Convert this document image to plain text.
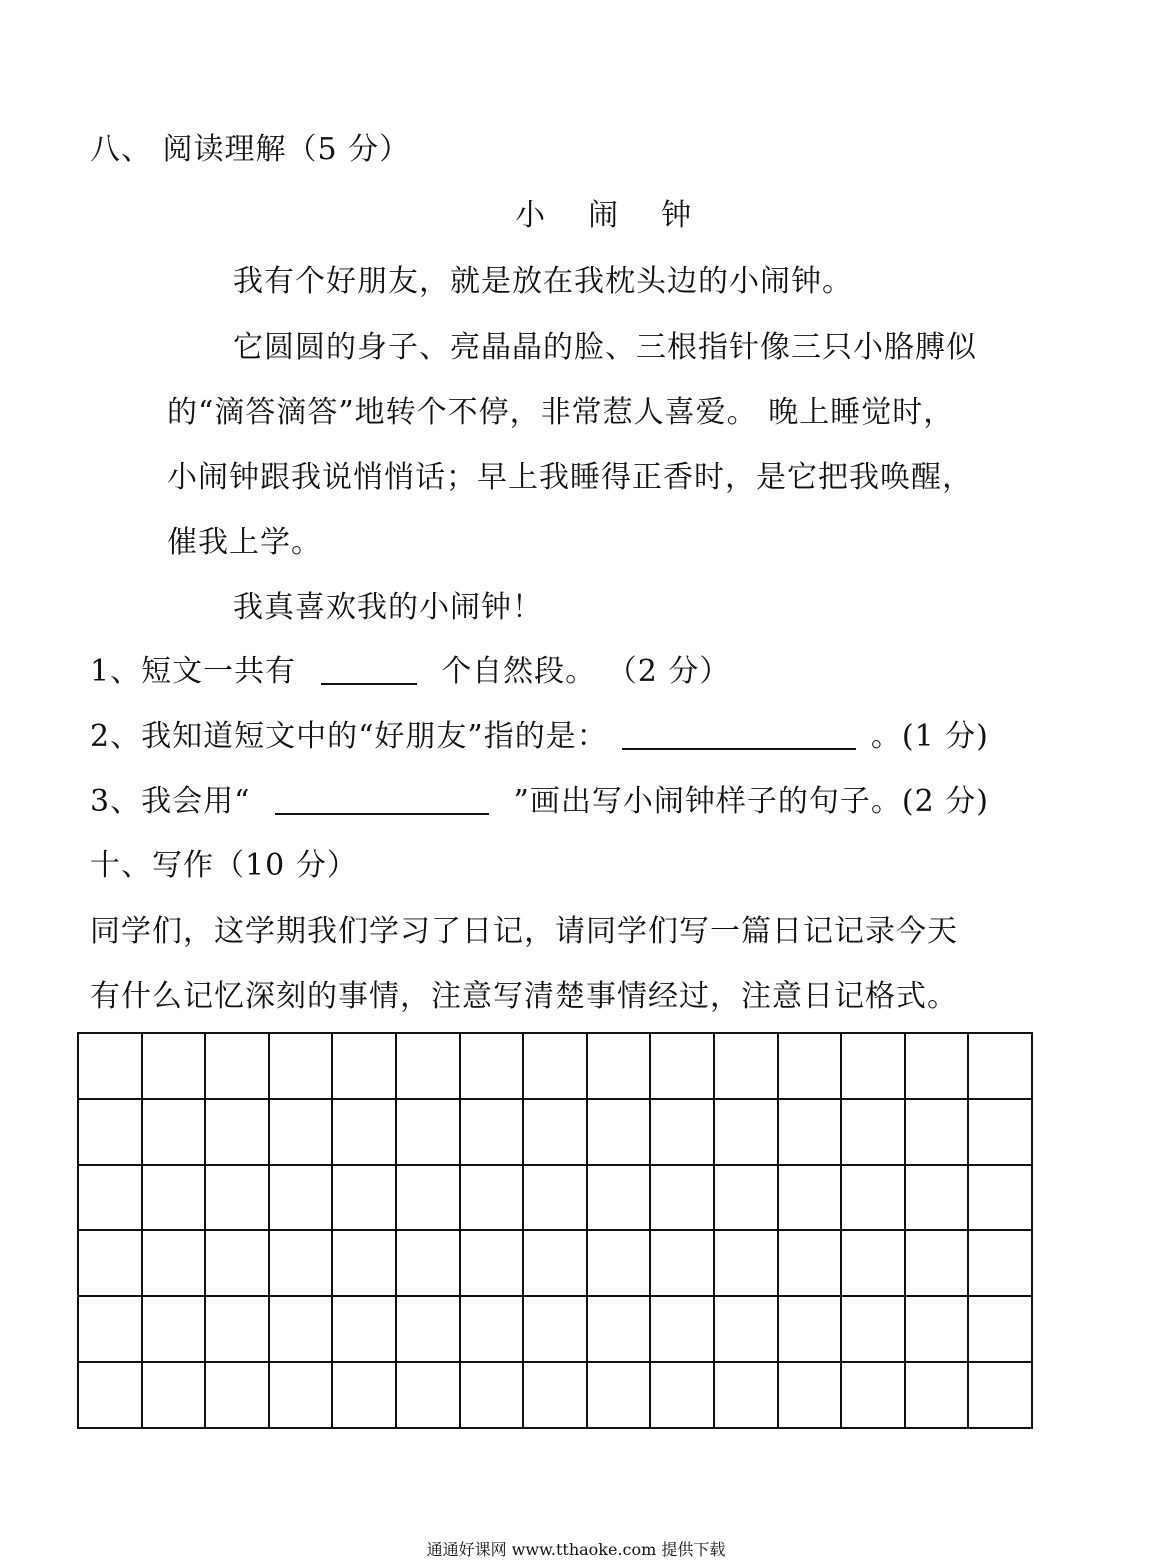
八、 阅读理解（5 分）
小  闹  钟
我有个好朋友，就是放在我枕头边的小闹钟。
它圆圆的身子、亮晶晶的脸、三根指针像三只小胳膊似
的“滴答滴答”地转个不停，非常惹人喜爱。 晚上睡觉时，
小闹钟跟我说悄悄话；早上我睡得正香时，是它把我唤醒，
催我上学。
我真喜欢我的小闹钟！
1、短文一共有	个自然段。 （2 分）
2、我知道短文中的“好朋友”指的是：	。(1 分)
3、我会用“	”画出写小闹钟样子的句子。(2 分)
十、写作（10 分）
同学们，这学期我们学习了日记，请同学们写一篇日记记录今天
有什么记忆深刻的事情，注意写清楚事情经过，注意日记格式。

通通好课网 www.tthaoke.com 提供下载
